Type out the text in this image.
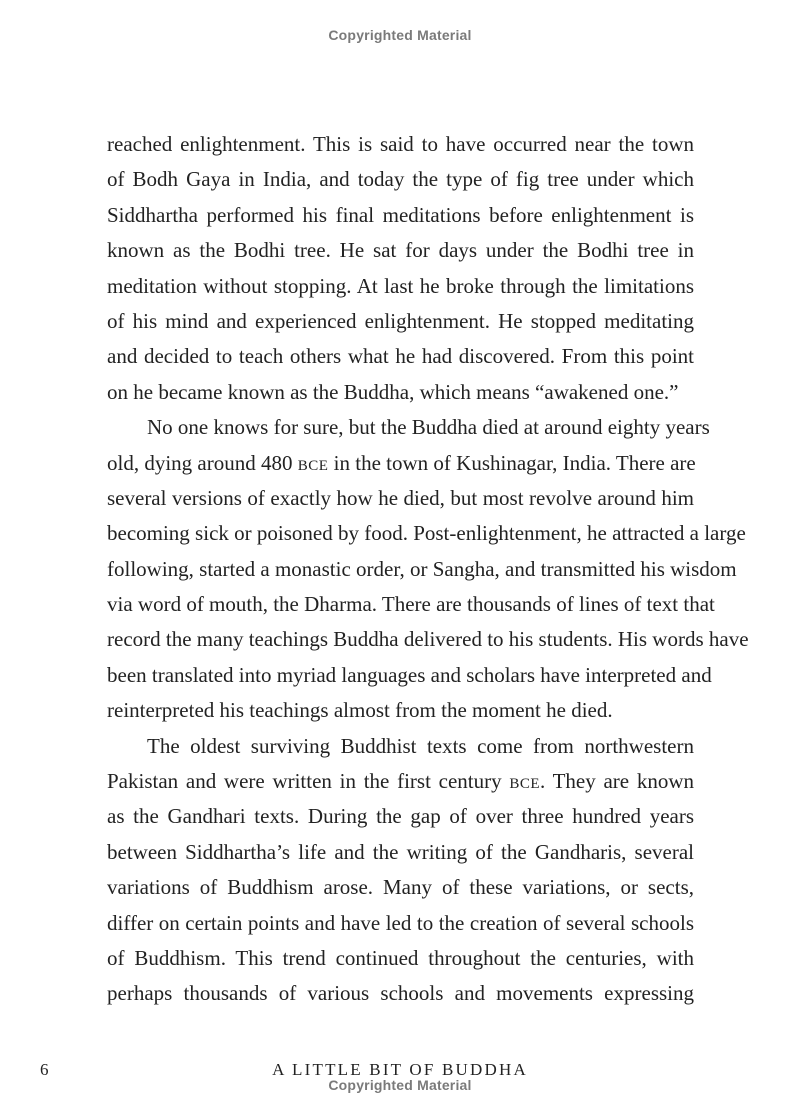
Copyrighted Material
reached enlightenment. This is said to have occurred near the town
of Bodh Gaya in India, and today the type of fig tree under which
Siddhartha performed his final meditations before enlightenment is
known as the Bodhi tree. He sat for days under the Bodhi tree in
meditation without stopping. At last he broke through the limitations
of his mind and experienced enlightenment. He stopped meditating
and decided to teach others what he had discovered. From this point
on he became known as the Buddha, which means “awakened one.”
No one knows for sure, but the Buddha died at around eighty years
old, dying around 480 bce in the town of Kushinagar, India. There are
several versions of exactly how he died, but most revolve around him
becoming sick or poisoned by food. Post-enlightenment, he attracted a large
following, started a monastic order, or Sangha, and transmitted his wisdom
via word of mouth, the Dharma. There are thousands of lines of text that
record the many teachings Buddha delivered to his students. His words have
been translated into myriad languages and scholars have interpreted and
reinterpreted his teachings almost from the moment he died.
The oldest surviving Buddhist texts come from northwestern
Pakistan and were written in the first century bce. They are known
as the Gandhari texts. During the gap of over three hundred years
between Siddhartha’s life and the writing of the Gandharis, several
variations of Buddhism arose. Many of these variations, or sects,
differ on certain points and have led to the creation of several schools
of Buddhism. This trend continued throughout the centuries, with
perhaps thousands of various schools and movements expressing
6	A LITTLE BIT OF BUDDHA
Copyrighted Material
